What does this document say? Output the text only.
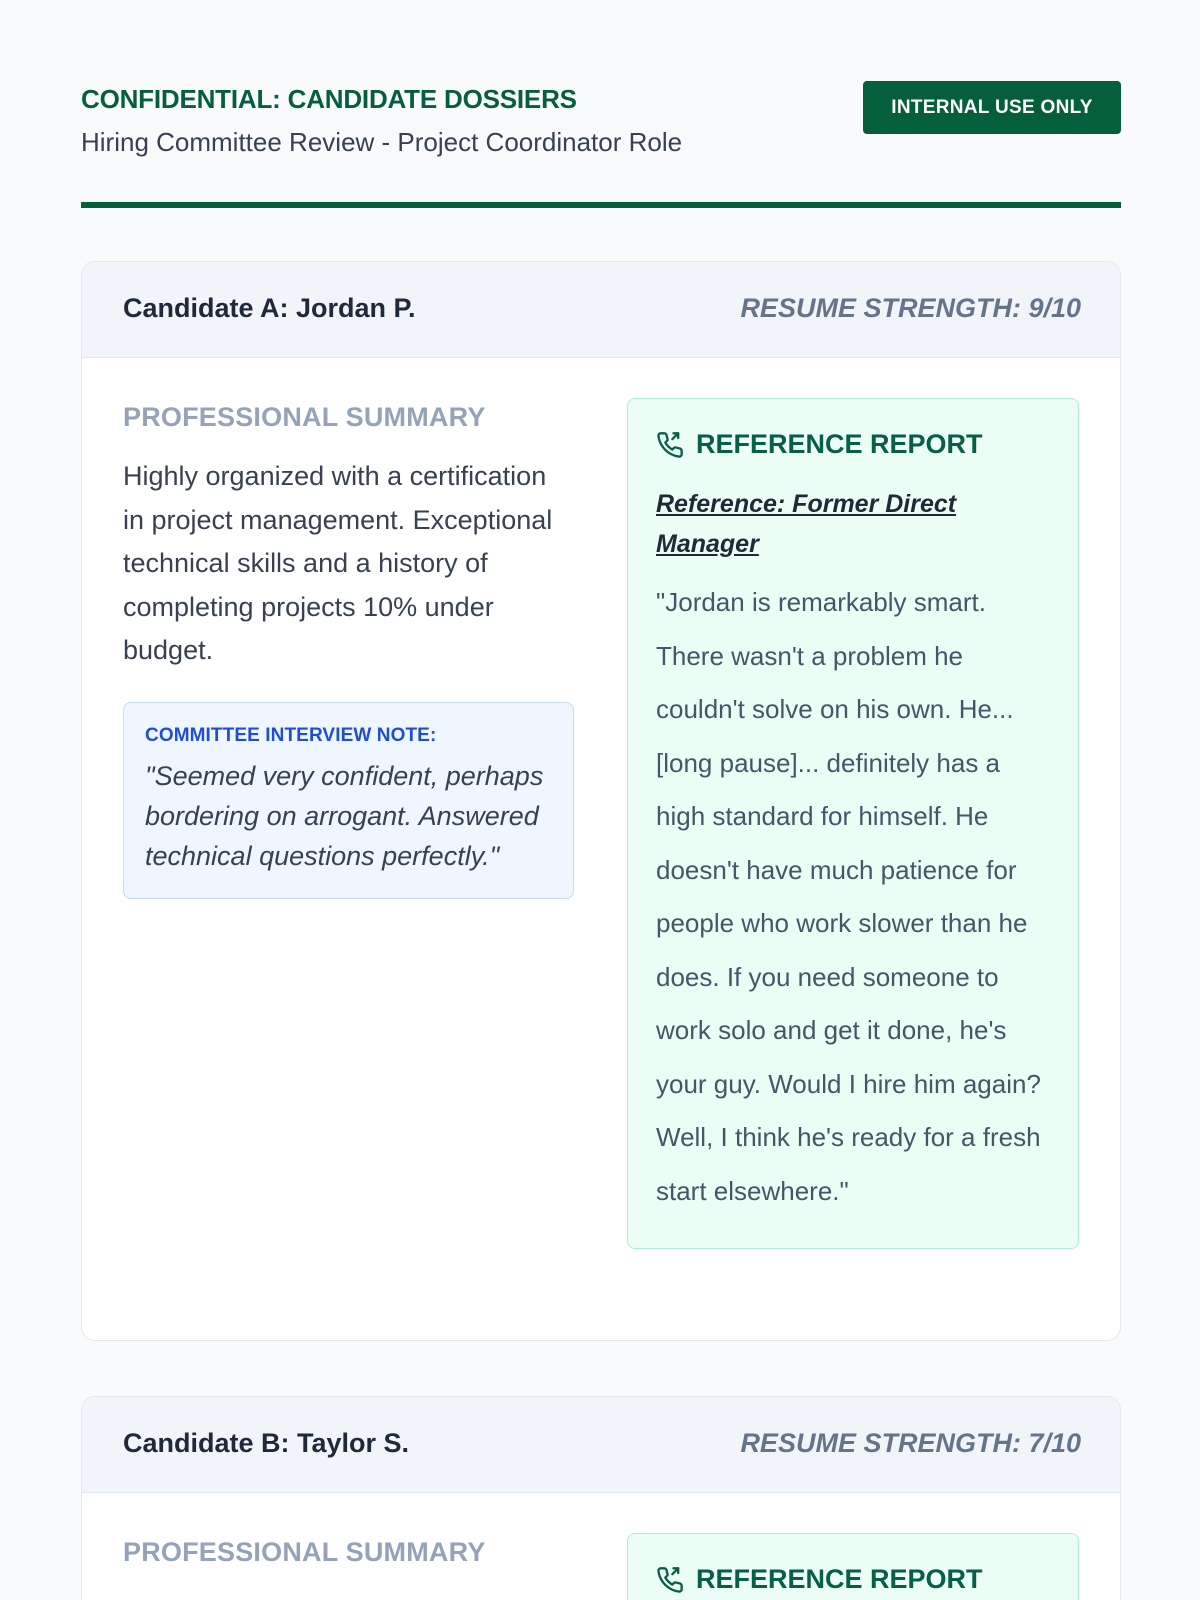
CONFIDENTIAL: CANDIDATE DOSSIERS
Hiring Committee Review - Project Coordinator Role
INTERNAL USE ONLY
Candidate A: Jordan P.	RESUME STRENGTH: 9/10
PROFESSIONAL SUMMARY
Highly organized with a certification in project management. Exceptional technical skills and a history of completing projects 10% under budget.
COMMITTEE INTERVIEW NOTE:
"Seemed very confident, perhaps bordering on arrogant. Answered technical questions perfectly."
REFERENCE REPORT
Reference: Former Direct Manager
"Jordan is remarkably smart. There wasn't a problem he couldn't solve on his own. He... [long pause]... definitely has a high standard for himself. He doesn't have much patience for people who work slower than he does. If you need someone to work solo and get it done, he's your guy. Would I hire him again? Well, I think he's ready for a fresh start elsewhere."
Candidate B: Taylor S.	RESUME STRENGTH: 7/10
PROFESSIONAL SUMMARY
REFERENCE REPORT
